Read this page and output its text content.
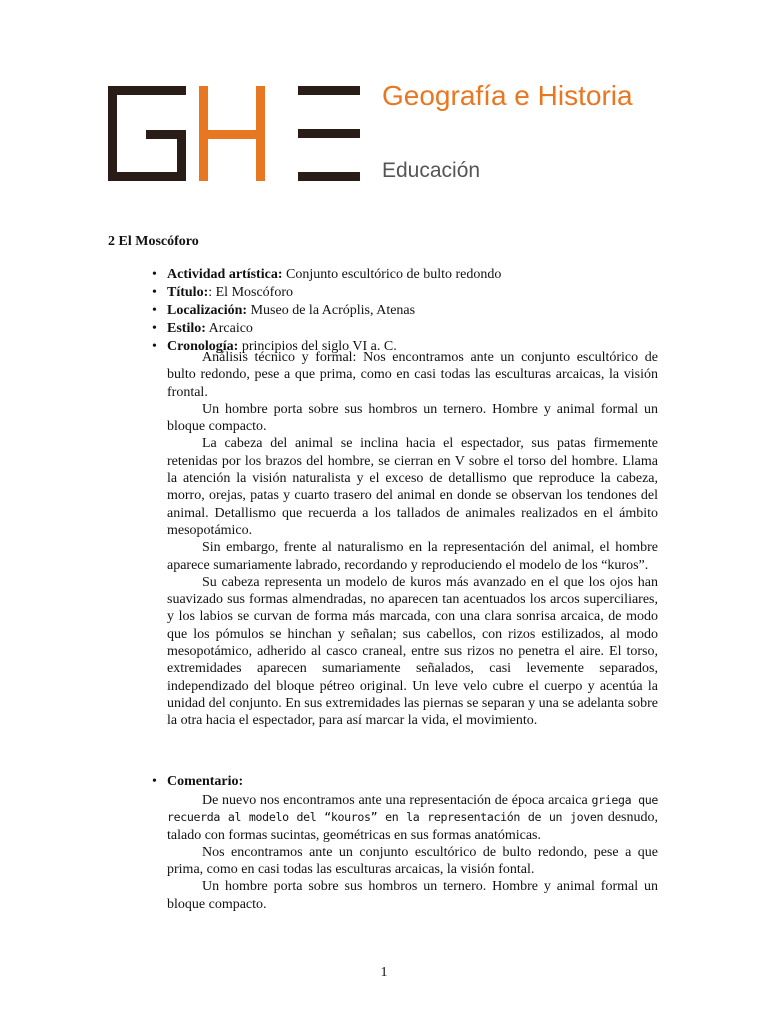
Geografía e Historia
Educación
2 El Moscóforo
• Actividad artística: Conjunto escultórico de bulto redondo
• Título:: El Moscóforo
• Localización: Museo de la Acróplis, Atenas
• Estilo: Arcaico
• Cronología: principios del siglo VI a. C.

Análisis técnico y formal: Nos encontramos ante un conjunto escultórico de bulto redondo, pese a que prima, como en casi todas las esculturas arcaicas, la visión frontal.

Un hombre porta sobre sus hombros un ternero. Hombre y animal formal un bloque compacto.

La cabeza del animal se inclina hacia el espectador, sus patas firmemente retenidas por los brazos del hombre, se cierran en V sobre el torso del hombre. Llama la atención la visión naturalista y el exceso de detallismo que reproduce la cabeza, morro, orejas, patas y cuarto trasero del animal en donde se observan los tendones del animal. Detallismo que recuerda a los tallados de animales realizados en el ámbito mesopotámico.

Sin embargo, frente al naturalismo en la representación del animal, el hombre aparece sumariamente labrado, recordando y reproduciendo el modelo de los “kuros”.

Su cabeza representa un modelo de kuros más avanzado en el que los ojos han suavizado sus formas almendradas, no aparecen tan acentuados los arcos superciliares, y los labios se curvan de forma más marcada, con una clara sonrisa arcaica, de modo que los pómulos se hinchan y señalan; sus cabellos, con rizos estilizados, al modo mesopotámico, adherido al casco craneal, entre sus rizos no penetra el aire. El torso, extremidades aparecen sumariamente señalados, casi levemente separados, independizado del bloque pétreo original. Un leve velo cubre el cuerpo y acentúa la unidad del conjunto. En sus extremidades las piernas se separan y una se adelanta sobre la otra hacia el espectador, para así marcar la vida, el movimiento.

• Comentario:

De nuevo nos encontramos ante una representación de época arcaica griega que recuerda al modelo del “kouros” en la representación de un joven desnudo, talado con formas sucintas, geométricas en sus formas anatómicas.

Nos encontramos ante un conjunto escultórico de bulto redondo, pese a que prima, como en casi todas las esculturas arcaicas, la visión fontal.

Un hombre porta sobre sus hombros un ternero. Hombre y animal formal un bloque compacto.

1
